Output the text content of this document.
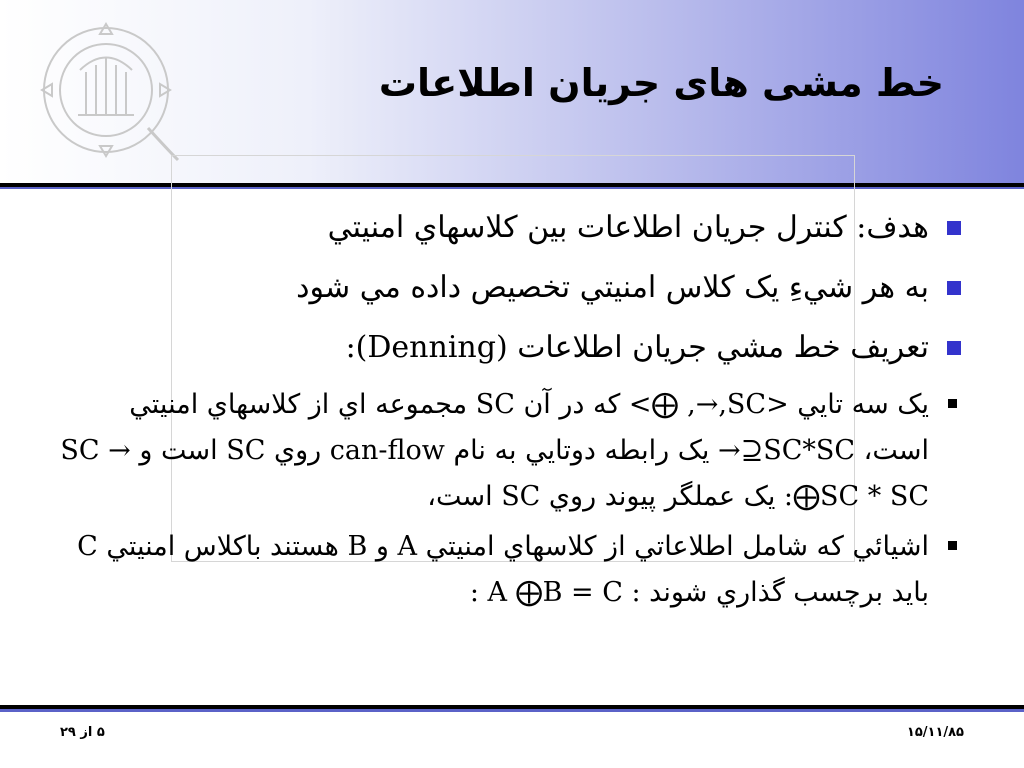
خط مشی های جریان اطلاعات
هدف: كنترل جريان اطلاعات بين كلاسهاي امنيتي
به هر شيءِ يک كلاس امنيتي تخصيص داده مي شود
تعريف خط مشي جريان اطلاعات (Denning):
يک سه تايي <SC,→, ⨁> كه در آن SC مجموعه اي از كلاسهاي امنيتي است، SC*SC⊆→ يک رابطه دوتايي به نام can-flow روي SC است و SC → SC * SC⨁: يک عملگر پيوند روي SC است،
اشيائي كه شامل اطلاعاتي از كلاسهاي امنيتي A و B هستند باكلاس امنيتي C بايد برچسب گذاري شوند : A ⨁B = C :
۵ از ۲۹	۱۵/۱۱/۸۵
